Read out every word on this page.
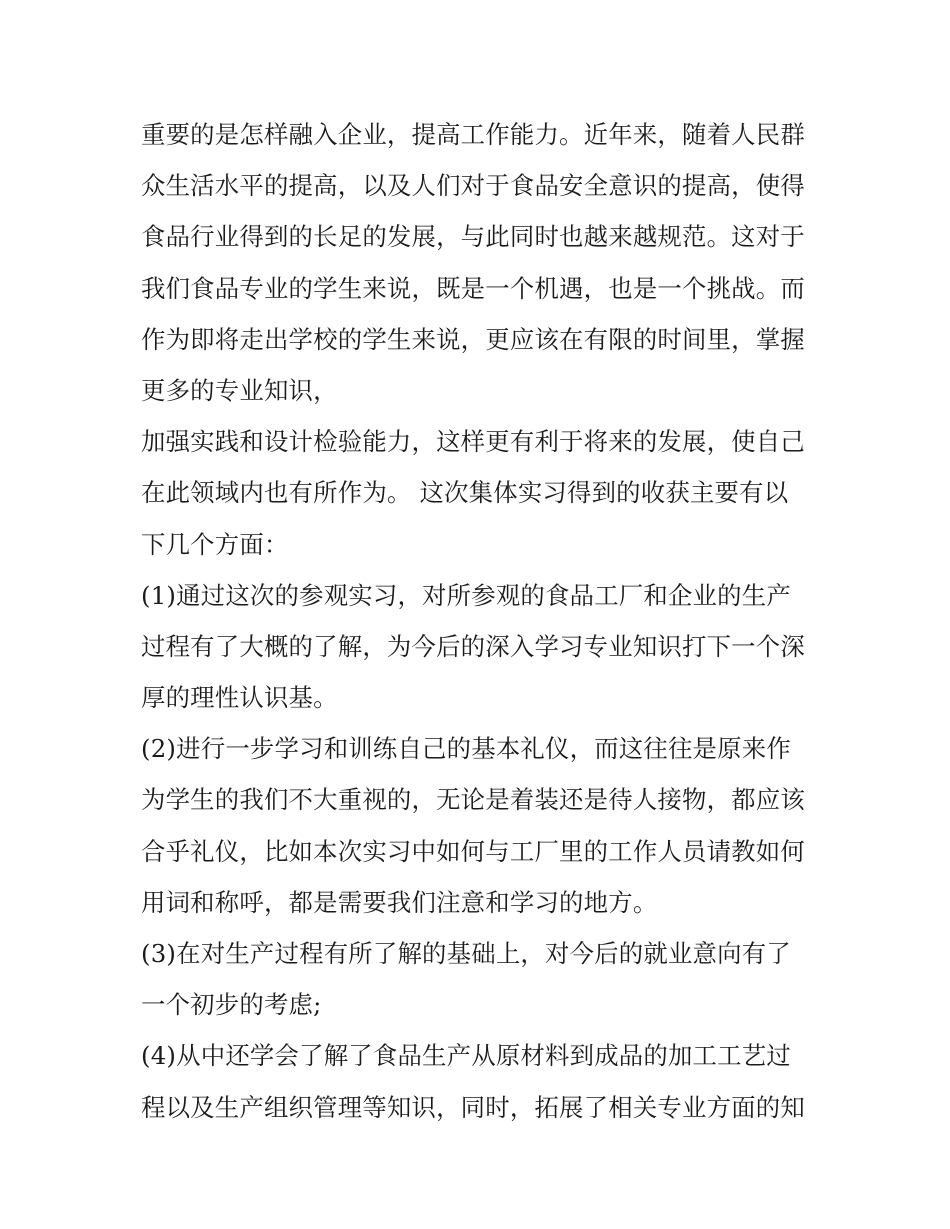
重要的是怎样融入企业，提高工作能力。近年来，随着人民群
众生活水平的提高，以及人们对于食品安全意识的提高，使得
食品行业得到的长足的发展，与此同时也越来越规范。这对于
我们食品专业的学生来说，既是一个机遇，也是一个挑战。而
作为即将走出学校的学生来说，更应该在有限的时间里，掌握
更多的专业知识，
加强实践和设计检验能力，这样更有利于将来的发展，使自己
在此领域内也有所作为。 这次集体实习得到的收获主要有以
下几个方面：
(1)通过这次的参观实习，对所参观的食品工厂和企业的生产
过程有了大概的了解，为今后的深入学习专业知识打下一个深
厚的理性认识基。
(2)进行一步学习和训练自己的基本礼仪，而这往往是原来作
为学生的我们不大重视的，无论是着装还是待人接物，都应该
合乎礼仪，比如本次实习中如何与工厂里的工作人员请教如何
用词和称呼，都是需要我们注意和学习的地方。
(3)在对生产过程有所了解的基础上，对今后的就业意向有了
一个初步的考虑;
(4)从中还学会了解了食品生产从原材料到成品的加工工艺过
程以及生产组织管理等知识，同时，拓展了相关专业方面的知
